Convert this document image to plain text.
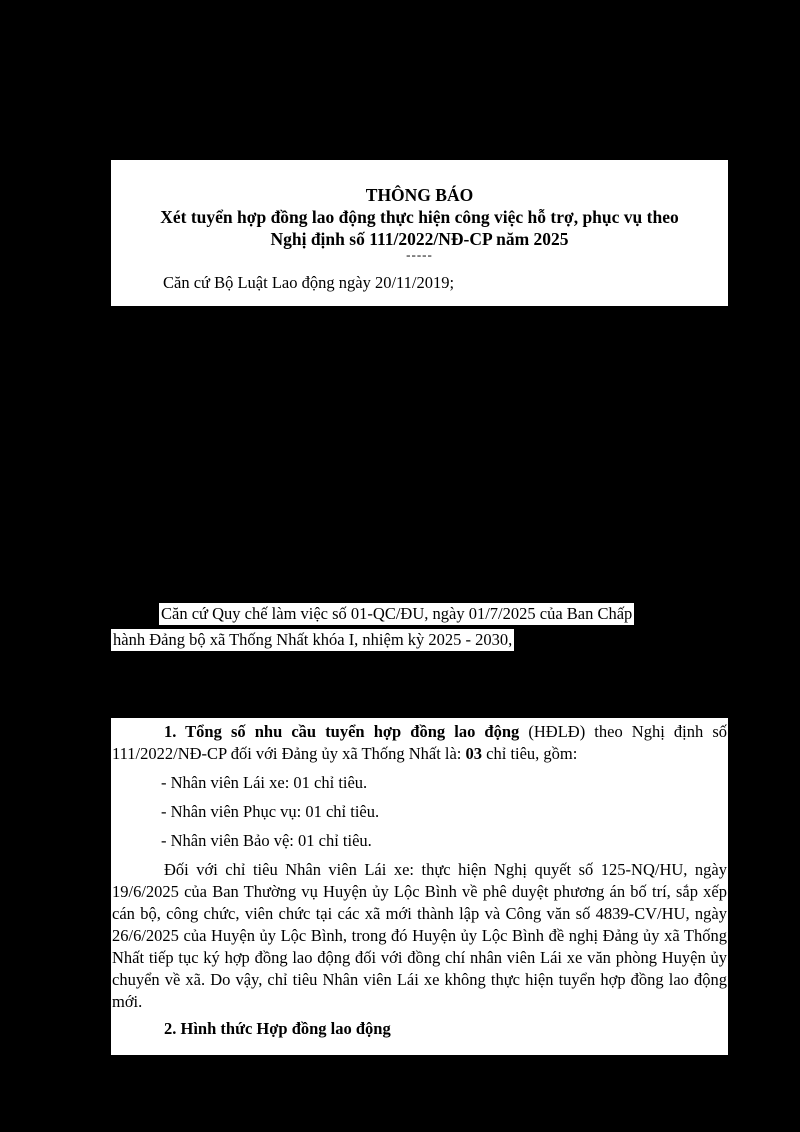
THÔNG BÁO
Xét tuyển hợp đồng lao động thực hiện công việc hỗ trợ, phục vụ theo
Nghị định số 111/2022/NĐ-CP năm 2025
-----
Căn cứ Bộ Luật Lao động ngày 20/11/2019;
Căn cứ Quy chế làm việc số 01-QC/ĐU, ngày 01/7/2025 của Ban Chấp
hành Đảng bộ xã Thống Nhất khóa I, nhiệm kỳ 2025 - 2030,
1. Tổng số nhu cầu tuyển hợp đồng lao động (HĐLĐ) theo Nghị định số 111/2022/NĐ-CP đối với Đảng ủy xã Thống Nhất là: 03 chỉ tiêu, gồm:
- Nhân viên Lái xe: 01 chỉ tiêu.
- Nhân viên Phục vụ: 01 chỉ tiêu.
- Nhân viên Bảo vệ: 01 chỉ tiêu.
Đối với chỉ tiêu Nhân viên Lái xe: thực hiện Nghị quyết số 125-NQ/HU, ngày 19/6/2025 của Ban Thường vụ Huyện ủy Lộc Bình về phê duyệt phương án bố trí, sắp xếp cán bộ, công chức, viên chức tại các xã mới thành lập và Công văn số 4839-CV/HU, ngày 26/6/2025 của Huyện ủy Lộc Bình, trong đó Huyện ủy Lộc Bình đề nghị Đảng ủy xã Thống Nhất tiếp tục ký hợp đồng lao động đối với đồng chí nhân viên Lái xe văn phòng Huyện ủy chuyển về xã. Do vậy, chỉ tiêu Nhân viên Lái xe không thực hiện tuyển hợp đồng lao động mới.
2. Hình thức Hợp đồng lao động
